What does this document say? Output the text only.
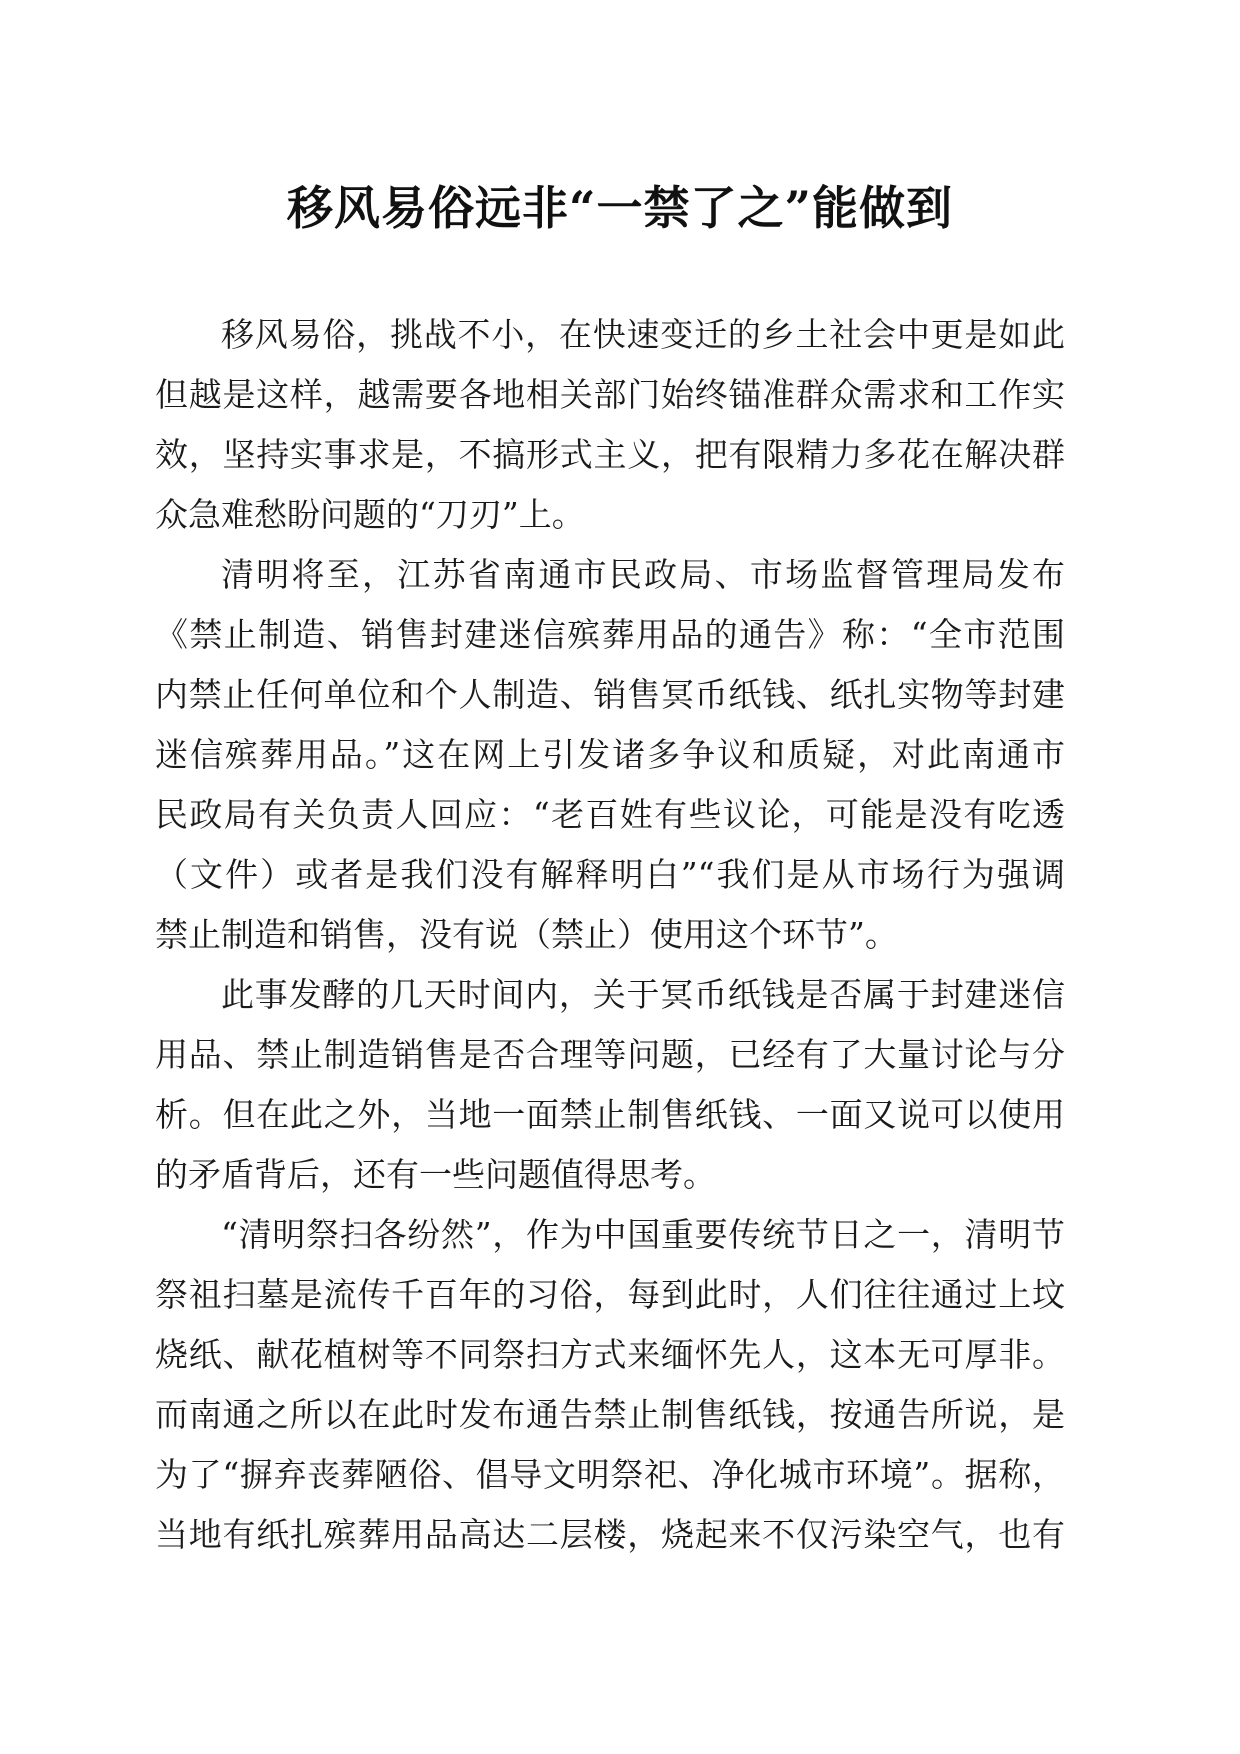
移风易俗远非“一禁了之”能做到
移风易俗，挑战不小，在快速变迁的乡土社会中更是如此
但越是这样，越需要各地相关部门始终锚准群众需求和工作实
效，坚持实事求是，不搞形式主义，把有限精力多花在解决群
众急难愁盼问题的“刀刃”上。
清明将至，江苏省南通市民政局、市场监督管理局发布
《禁止制造、销售封建迷信殡葬用品的通告》称：“全市范围
内禁止任何单位和个人制造、销售冥币纸钱、纸扎实物等封建
迷信殡葬用品。”这在网上引发诸多争议和质疑，对此南通市
民政局有关负责人回应：“老百姓有些议论，可能是没有吃透
（文件）或者是我们没有解释明白”“我们是从市场行为强调
禁止制造和销售，没有说（禁止）使用这个环节”。
此事发酵的几天时间内，关于冥币纸钱是否属于封建迷信
用品、禁止制造销售是否合理等问题，已经有了大量讨论与分
析。但在此之外，当地一面禁止制售纸钱、一面又说可以使用
的矛盾背后，还有一些问题值得思考。
“清明祭扫各纷然”，作为中国重要传统节日之一，清明节
祭祖扫墓是流传千百年的习俗，每到此时，人们往往通过上坟
烧纸、献花植树等不同祭扫方式来缅怀先人，这本无可厚非。
而南通之所以在此时发布通告禁止制售纸钱，按通告所说，是
为了“摒弃丧葬陋俗、倡导文明祭祀、净化城市环境”。据称，
当地有纸扎殡葬用品高达二层楼，烧起来不仅污染空气，也有
